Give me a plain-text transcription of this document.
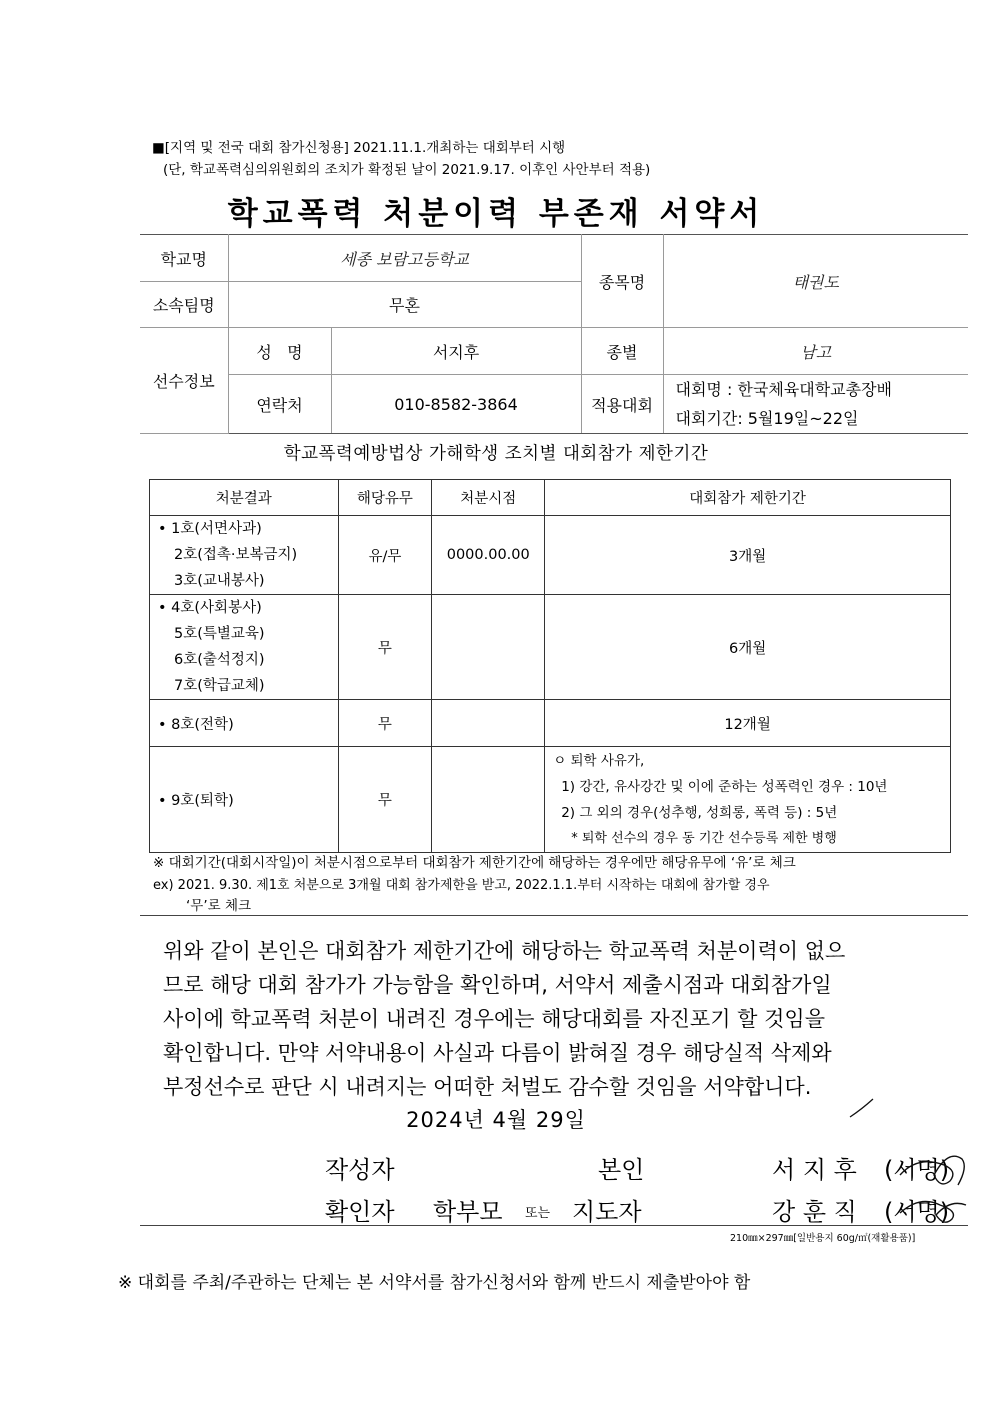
■[지역 및 전국 대회 참가신청용] 2021.11.1.개최하는 대회부터 시행
(단, 학교폭력심의위원회의 조치가 확정된 날이 2021.9.17. 이후인 사안부터 적용)
학교폭력 처분이력 부존재 서약서
학교명	세종 보람고등학교		종목명	태권도
소속팀명	무혼			
선수정보	성   명	서지후	종별	남고
	연락처	010-8582-3864	적용대회	대회명 : 한국체육대학교총장배
대회기간: 5월19일~22일
학교폭력예방법상 가해학생 조치별 대회참가 제한기간
처분결과	해당유무	처분시점	대회참가 제한기간

• 1호(서면사과)
2호(접촉·보복금지)
3호(교내봉사)	유/무	0000.00.00	3개월

• 4호(사회봉사)
5호(특별교육)
6호(출석정지)
7호(학급교체)	무		6개월
• 8호(전학)	무		12개월
• 9호(퇴학)	무		ㅇ 퇴학 사유가,
1) 강간, 유사강간 및 이에 준하는 성폭력인 경우 : 10년
2) 그 외의 경우(성추행, 성희롱, 폭력 등) : 5년
* 퇴학 선수의 경우 동 기간 선수등록 제한 병행
※ 대회기간(대회시작일)이 처분시점으로부터 대회참가 제한기간에 해당하는 경우에만 해당유무에 ‘유’로 체크
ex) 2021. 9.30. 제1호 처분으로 3개월 대회 참가제한을 받고, 2022.1.1.부터 시작하는 대회에 참가할 경우
‘무’로 체크
위와 같이 본인은 대회참가 제한기간에 해당하는 학교폭력 처분이력이 없으
므로 해당 대회 참가가 가능함을 확인하며, 서약서 제출시점과 대회참가일
사이에 학교폭력 처분이 내려진 경우에는 해당대회를 자진포기 할 것임을
확인합니다. 만약 서약내용이 사실과 다름이 밝혀질 경우 해당실적 삭제와
부정선수로 판단 시 내려지는 어떠한 처벌도 감수할 것임을 서약합니다.
2024년 4월 29일
작성자	본인	서 지 후 (서명)
확인자 학부모 또는 지도자	강 훈 직 (서명)
210㎜×297㎜[일반용지 60g/㎡(재활용품)]
※ 대회를 주최/주관하는 단체는 본 서약서를 참가신청서와 함께 반드시 제출받아야 함
